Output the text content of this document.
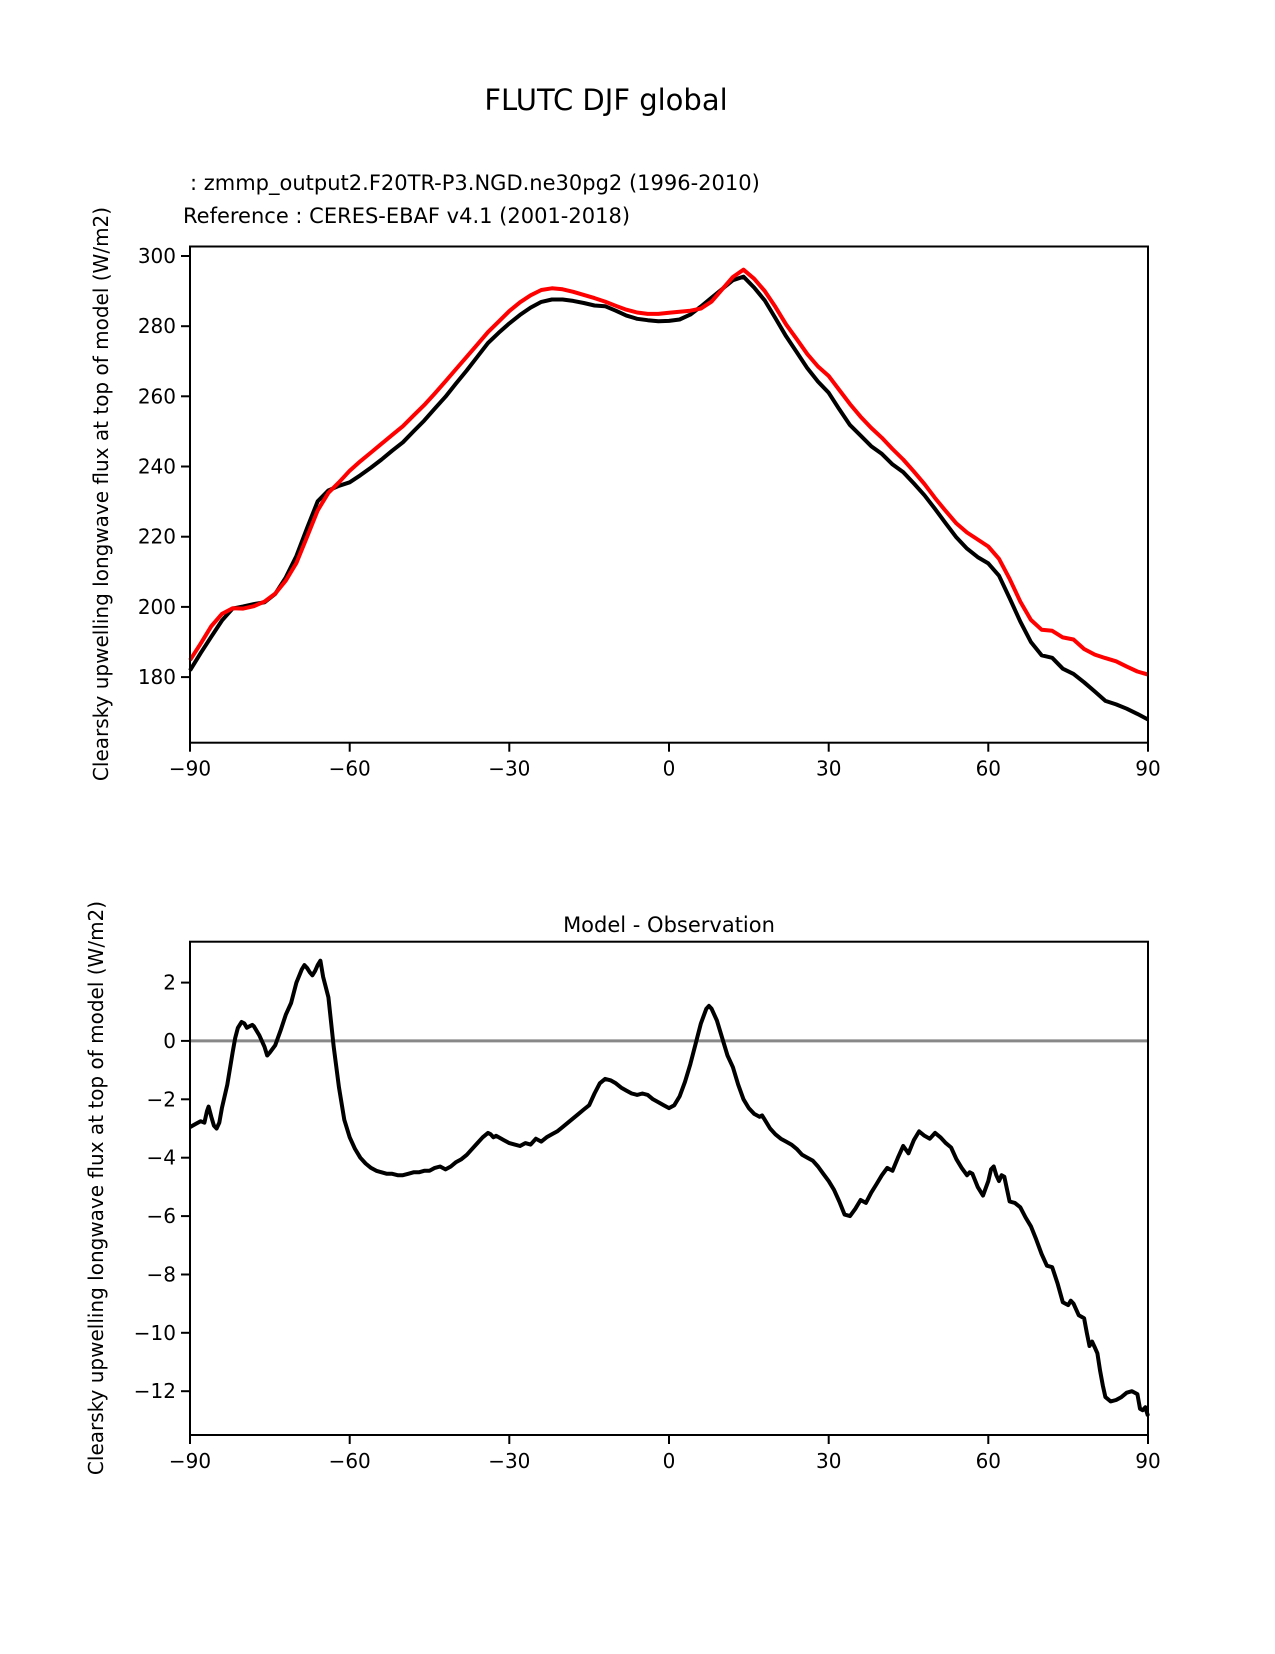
FLUTC DJF global
: zmmp_output2.F20TR-P3.NGD.ne30pg2 (1996-2010)
Reference : CERES-EBAF v4.1 (2001-2018)
Clearsky upwelling longwave flux at top of model (W/m2)
Model - Observation
Clearsky upwelling longwave flux at top of model (W/m2)
−90	−60	−30	0	30	60	90
180
200
220
240
260
280
300
−90	−60	−30	0	30	60	90
2
0
−2
−4
−6
−8
−10
−12
